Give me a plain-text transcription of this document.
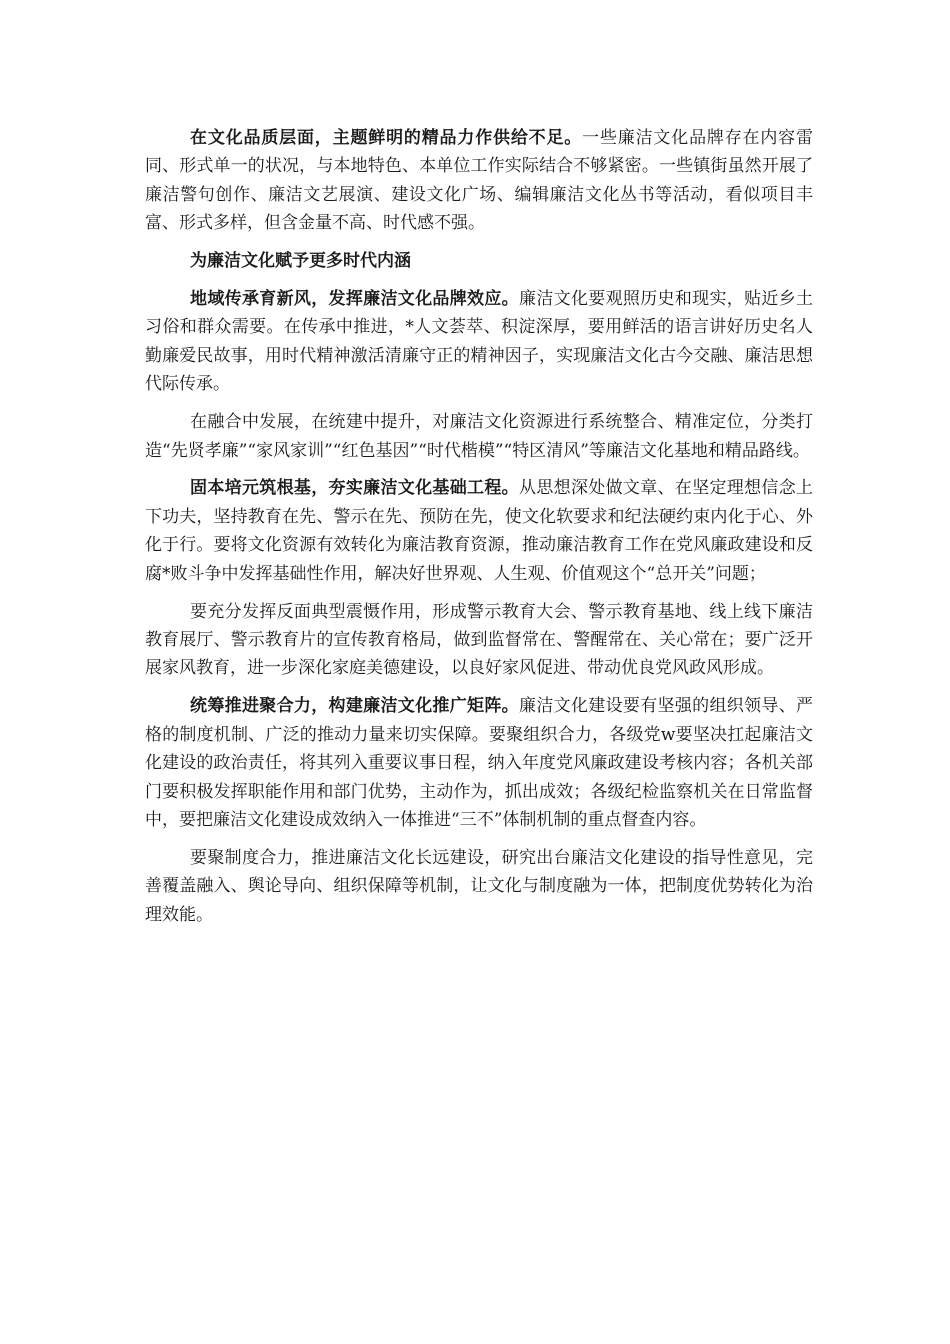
在文化品质层面，主题鲜明的精品力作供给不足。一些廉洁文化品牌存在内容雷同、形式单一的状况，与本地特色、本单位工作实际结合不够紧密。一些镇街虽然开展了廉洁警句创作、廉洁文艺展演、建设文化广场、编辑廉洁文化丛书等活动，看似项目丰富、形式多样，但含金量不高、时代感不强。

为廉洁文化赋予更多时代内涵

地域传承育新风，发挥廉洁文化品牌效应。廉洁文化要观照历史和现实，贴近乡土习俗和群众需要。在传承中推进，*人文荟萃、积淀深厚，要用鲜活的语言讲好历史名人勤廉爱民故事，用时代精神激活清廉守正的精神因子，实现廉洁文化古今交融、廉洁思想代际传承。

在融合中发展，在统建中提升，对廉洁文化资源进行系统整合、精准定位，分类打造“先贤孝廉”“家风家训”“红色基因”“时代楷模”“特区清风”等廉洁文化基地和精品路线。

固本培元筑根基，夯实廉洁文化基础工程。从思想深处做文章、在坚定理想信念上下功夫，坚持教育在先、警示在先、预防在先，使文化软要求和纪法硬约束内化于心、外化于行。要将文化资源有效转化为廉洁教育资源，推动廉洁教育工作在党风廉政建设和反腐*败斗争中发挥基础性作用，解决好世界观、人生观、价值观这个“总开关”问题；

要充分发挥反面典型震慑作用，形成警示教育大会、警示教育基地、线上线下廉洁教育展厅、警示教育片的宣传教育格局，做到监督常在、警醒常在、关心常在；要广泛开展家风教育，进一步深化家庭美德建设，以良好家风促进、带动优良党风政风形成。

统筹推进聚合力，构建廉洁文化推广矩阵。廉洁文化建设要有坚强的组织领导、严格的制度机制、广泛的推动力量来切实保障。要聚组织合力，各级党w要坚决扛起廉洁文化建设的政治责任，将其列入重要议事日程，纳入年度党风廉政建设考核内容；各机关部门要积极发挥职能作用和部门优势，主动作为，抓出成效；各级纪检监察机关在日常监督中，要把廉洁文化建设成效纳入一体推进“三不”体制机制的重点督查内容。

要聚制度合力，推进廉洁文化长远建设，研究出台廉洁文化建设的指导性意见，完善覆盖融入、舆论导向、组织保障等机制，让文化与制度融为一体，把制度优势转化为治理效能。
